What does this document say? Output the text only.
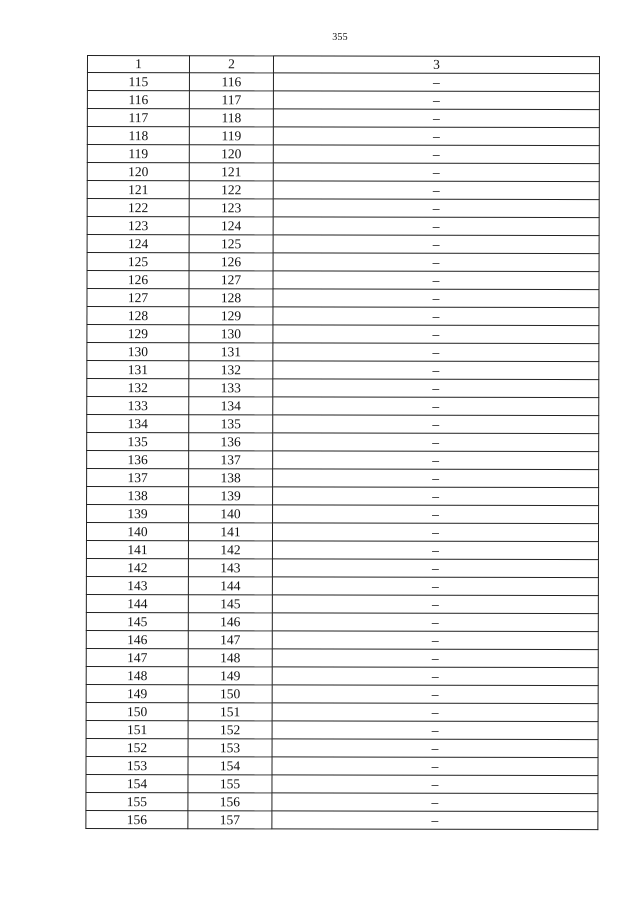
355
1	2	3
115	116	–
116	117	–
117	118	–
118	119	–
119	120	–
120	121	–
121	122	–
122	123	–
123	124	–
124	125	–
125	126	–
126	127	–
127	128	–
128	129	–
129	130	–
130	131	–
131	132	–
132	133	–
133	134	–
134	135	–
135	136	–
136	137	–
137	138	–
138	139	–
139	140	–
140	141	–
141	142	–
142	143	–
143	144	–
144	145	–
145	146	–
146	147	–
147	148	–
148	149	–
149	150	–
150	151	–
151	152	–
152	153	–
153	154	–
154	155	–
155	156	–
156	157	–
